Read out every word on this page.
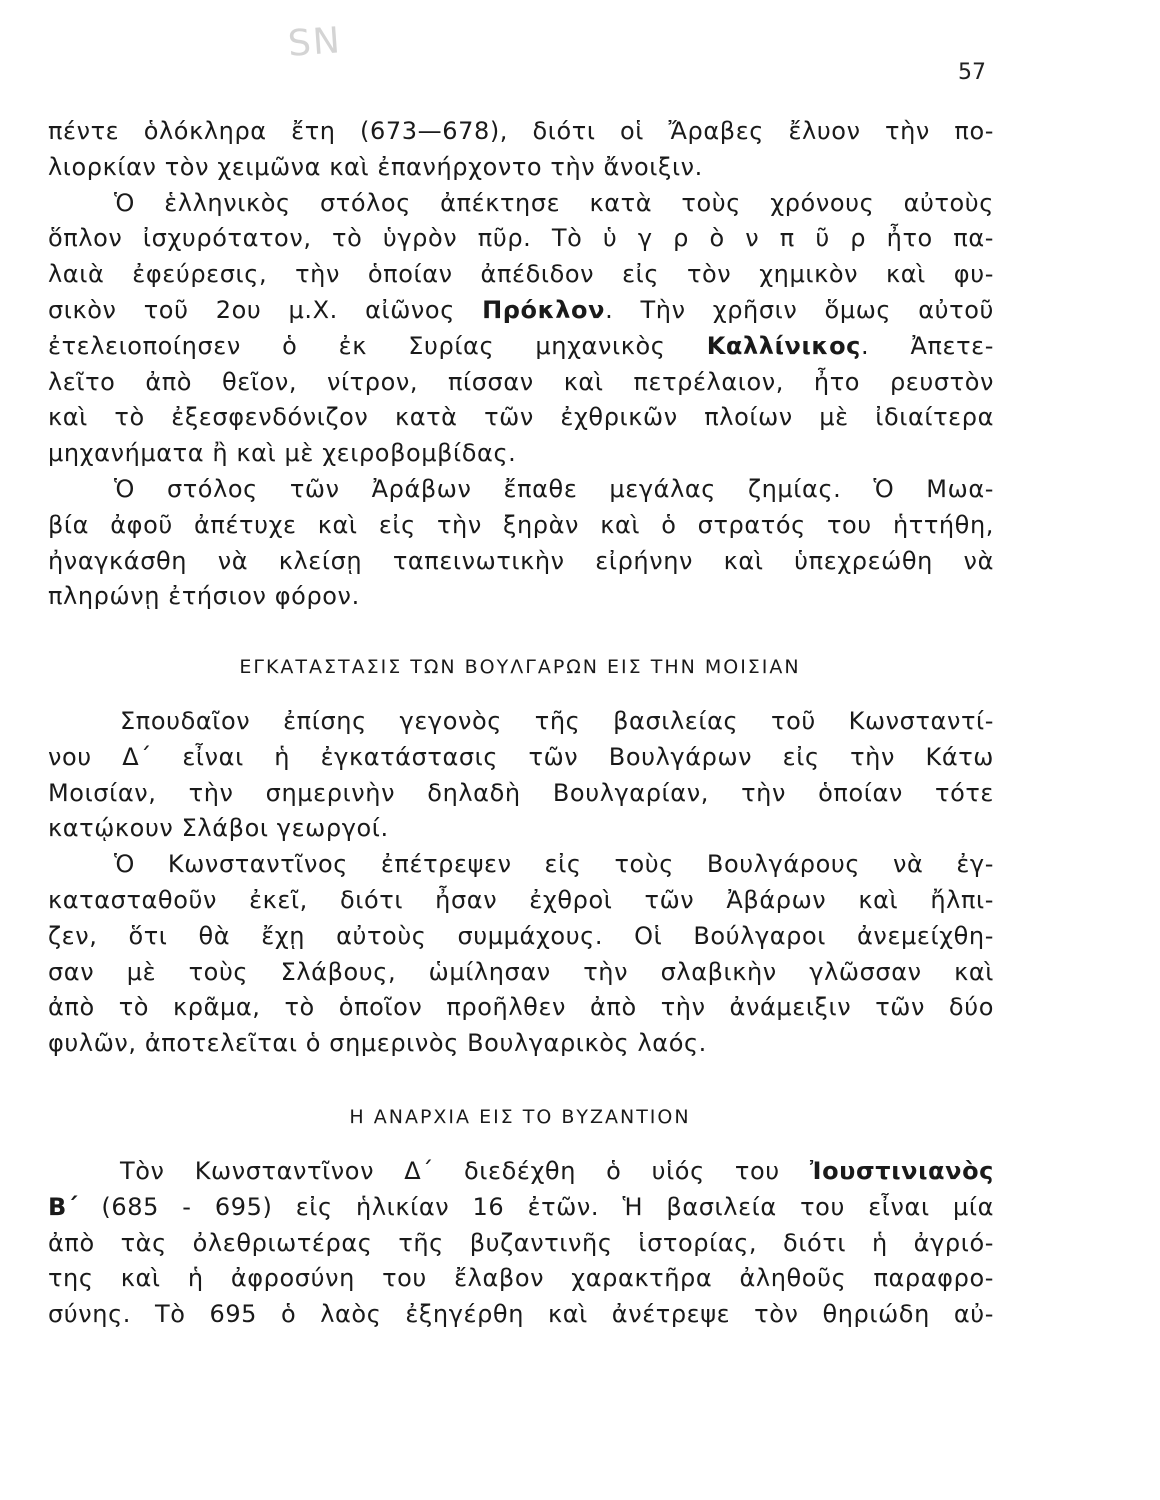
SN
57
πέντε ὁλόκληρα ἔτη (673—678), διότι οἱ Ἄραβες ἔλυον τὴν πο-
λιορκίαν τὸν χειμῶνα καὶ ἐπανήρχοντο τὴν ἄνοιξιν.
Ὁ ἑλληνικὸς στόλος ἀπέκτησε κατὰ τοὺς χρόνους αὐτοὺς
ὅπλον ἰσχυρότατον, τὸ ὑγρὸν πῦρ. Τὸ ὑ γ ρ ὸ ν π ῦ ρ ἦτο πα-
λαιὰ ἐφεύρεσις, τὴν ὁποίαν ἀπέδιδον εἰς τὸν χημικὸν καὶ φυ-
σικὸν τοῦ 2ου μ.Χ. αἰῶνος Πρόκλον. Τὴν χρῆσιν ὅμως αὐτοῦ
ἐτελειοποίησεν ὁ ἐκ Συρίας μηχανικὸς Καλλίνικος. Ἀπετε-
λεῖτο ἀπὸ θεῖον, νίτρον, πίσσαν καὶ πετρέλαιον, ἦτο ρευστὸν
καὶ τὸ ἐξεσφενδόνιζον κατὰ τῶν ἐχθρικῶν πλοίων μὲ ἰδιαίτερα
μηχανήματα ἢ καὶ μὲ χειροβομβίδας.
Ὁ στόλος τῶν Ἀράβων ἔπαθε μεγάλας ζημίας. Ὁ Μωα-
βία ἀφοῦ ἀπέτυχε καὶ εἰς τὴν ξηρὰν καὶ ὁ στρατός του ἡττήθη,
ἠναγκάσθη νὰ κλείσῃ ταπεινωτικὴν εἰρήνην καὶ ὑπεχρεώθη νὰ
πληρώνῃ ἐτήσιον φόρον.
ΕΓΚΑΤΑΣΤΑΣΙΣ ΤΩΝ ΒΟΥΛΓΑΡΩΝ ΕΙΣ ΤΗΝ ΜΟΙΣΙΑΝ
Σπουδαῖον ἐπίσης γεγονὸς τῆς βασιλείας τοῦ Κωνσταντί-
νου Δ΄ εἶναι ἡ ἐγκατάστασις τῶν Βουλγάρων εἰς τὴν Κάτω
Μοισίαν, τὴν σημερινὴν δηλαδὴ Βουλγαρίαν, τὴν ὁποίαν τότε
κατῴκουν Σλάβοι γεωργοί.
Ὁ Κωνσταντῖνος ἐπέτρεψεν εἰς τοὺς Βουλγάρους νὰ ἐγ-
κατασταθοῦν ἐκεῖ, διότι ἦσαν ἐχθροὶ τῶν Ἀβάρων καὶ ἤλπι-
ζεν, ὅτι θὰ ἔχῃ αὐτοὺς συμμάχους. Οἱ Βούλγαροι ἀνεμείχθη-
σαν μὲ τοὺς Σλάβους, ὡμίλησαν τὴν σλαβικὴν γλῶσσαν καὶ
ἀπὸ τὸ κρᾶμα, τὸ ὁποῖον προῆλθεν ἀπὸ τὴν ἀνάμειξιν τῶν δύο
φυλῶν, ἀποτελεῖται ὁ σημερινὸς Βουλγαρικὸς λαός.
Η ΑΝΑΡΧΙΑ ΕΙΣ ΤΟ ΒΥΖΑΝΤΙΟΝ
Τὸν Κωνσταντῖνον Δ΄ διεδέχθη ὁ υἱός του Ἰουστινιανὸς
Β΄ (685 - 695) εἰς ἡλικίαν 16 ἐτῶν. Ἡ βασιλεία του εἶναι μία
ἀπὸ τὰς ὀλεθριωτέρας τῆς βυζαντινῆς ἱστορίας, διότι ἡ ἀγριό-
της καὶ ἡ ἀφροσύνη του ἔλαβον χαρακτῆρα ἀληθοῦς παραφρο-
σύνης. Τὸ 695 ὁ λαὸς ἐξηγέρθη καὶ ἀνέτρεψε τὸν θηριώδη αὐ-
